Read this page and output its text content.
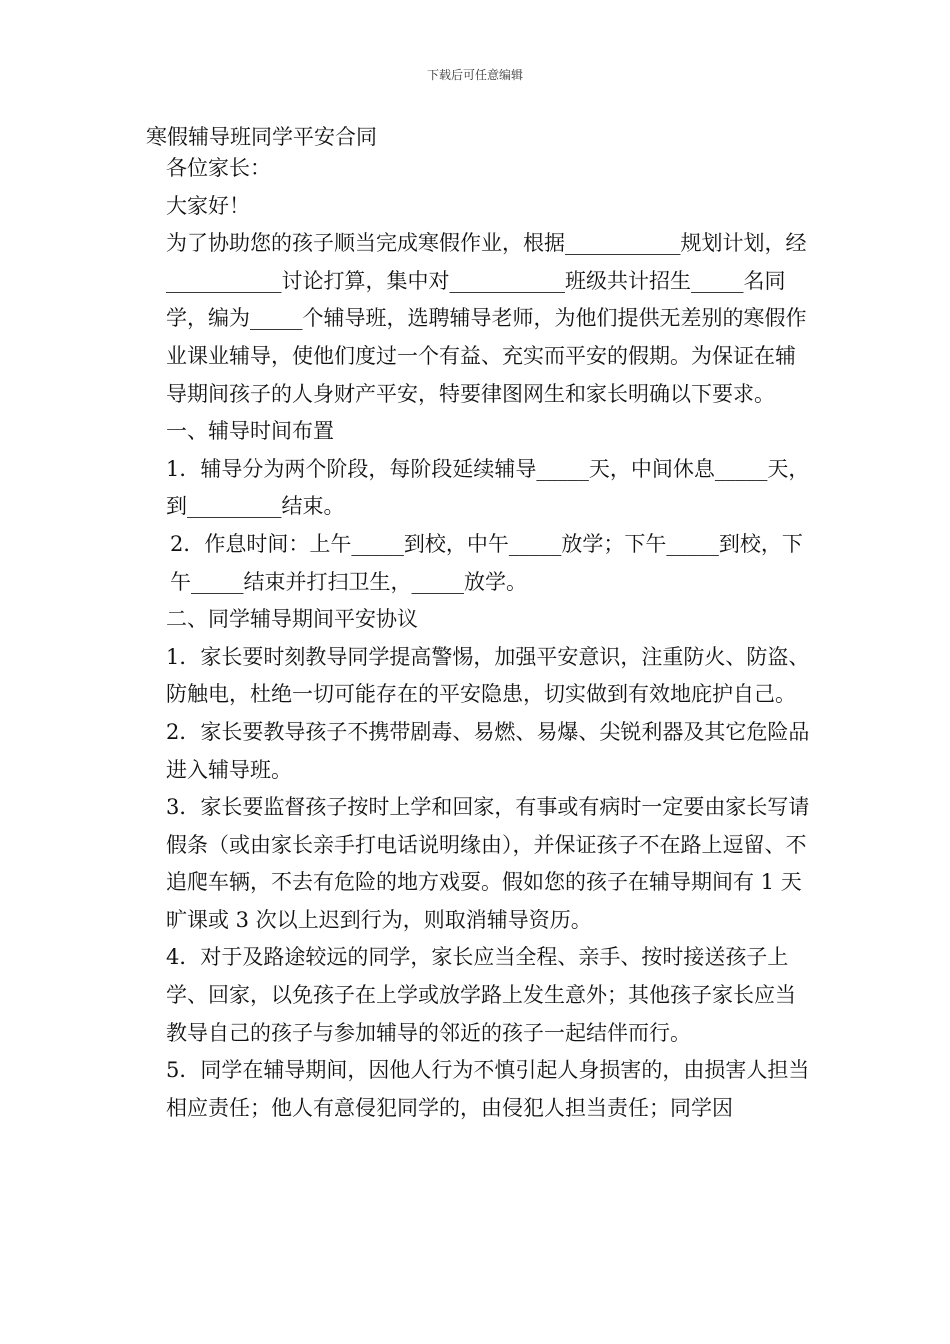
下载后可任意编辑
寒假辅导班同学平安合同

各位家长：

大家好！

为了协助您的孩子顺当完成寒假作业，根据___________规划计划，经___________讨论打算，集中对___________班级共计招生_____名同学，编为_____个辅导班，选聘辅导老师，为他们提供无差别的寒假作业课业辅导，使他们度过一个有益、充实而平安的假期。为保证在辅导期间孩子的人身财产平安，特要律图网生和家长明确以下要求。

一、辅导时间布置

1．辅导分为两个阶段，每阶段延续辅导_____天，中间休息_____天，到_________结束。

2．作息时间：上午_____到校，中午_____放学；下午_____到校，下午_____结束并打扫卫生，_____放学。

二、同学辅导期间平安协议

1．家长要时刻教导同学提高警惕，加强平安意识，注重防火、防盗、防触电，杜绝一切可能存在的平安隐患，切实做到有效地庇护自己。

2．家长要教导孩子不携带剧毒、易燃、易爆、尖锐利器及其它危险品进入辅导班。

3．家长要监督孩子按时上学和回家，有事或有病时一定要由家长写请假条（或由家长亲手打电话说明缘由），并保证孩子不在路上逗留、不追爬车辆，不去有危险的地方戏耍。假如您的孩子在辅导期间有 1 天旷课或 3 次以上迟到行为，则取消辅导资历。

4．对于及路途较远的同学，家长应当全程、亲手、按时接送孩子上学、回家，以免孩子在上学或放学路上发生意外；其他孩子家长应当教导自己的孩子与参加辅导的邻近的孩子一起结伴而行。

5．同学在辅导期间，因他人行为不慎引起人身损害的，由损害人担当相应责任；他人有意侵犯同学的，由侵犯人担当责任；同学因
